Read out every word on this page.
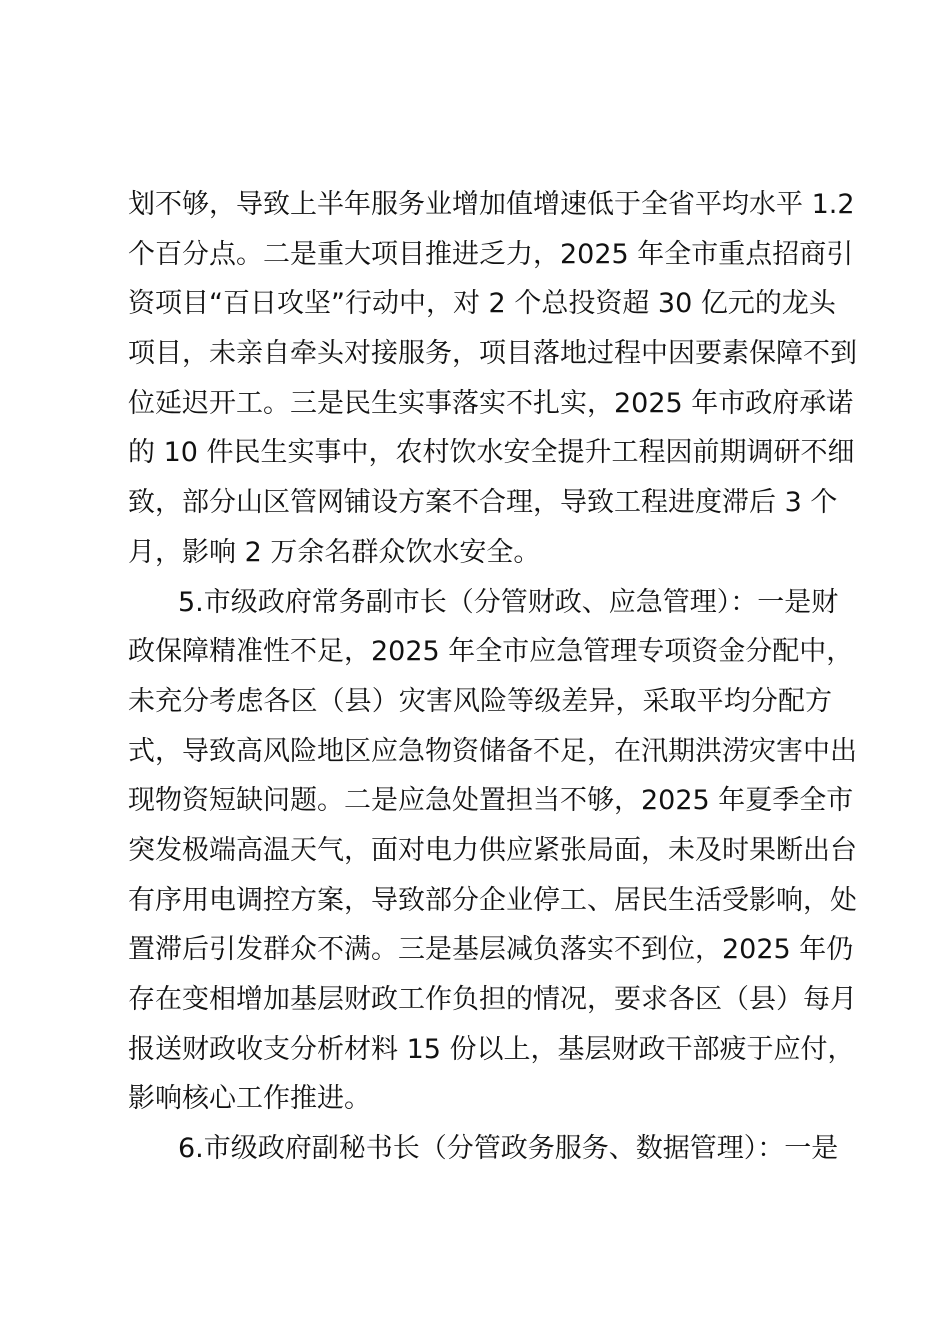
划不够，导致上半年服务业增加值增速低于全省平均水平 1.2
个百分点。二是重大项目推进乏力，2025 年全市重点招商引
资项目“百日攻坚”行动中，对 2 个总投资超 30 亿元的龙头
项目，未亲自牵头对接服务，项目落地过程中因要素保障不到
位延迟开工。三是民生实事落实不扎实，2025 年市政府承诺
的 10 件民生实事中，农村饮水安全提升工程因前期调研不细
致，部分山区管网铺设方案不合理，导致工程进度滞后 3 个
月，影响 2 万余名群众饮水安全。
5.市级政府常务副市长（分管财政、应急管理）：一是财
政保障精准性不足，2025 年全市应急管理专项资金分配中，
未充分考虑各区（县）灾害风险等级差异，采取平均分配方
式，导致高风险地区应急物资储备不足，在汛期洪涝灾害中出
现物资短缺问题。二是应急处置担当不够，2025 年夏季全市
突发极端高温天气，面对电力供应紧张局面，未及时果断出台
有序用电调控方案，导致部分企业停工、居民生活受影响，处
置滞后引发群众不满。三是基层减负落实不到位，2025 年仍
存在变相增加基层财政工作负担的情况，要求各区（县）每月
报送财政收支分析材料 15 份以上，基层财政干部疲于应付，
影响核心工作推进。
6.市级政府副秘书长（分管政务服务、数据管理）：一是
